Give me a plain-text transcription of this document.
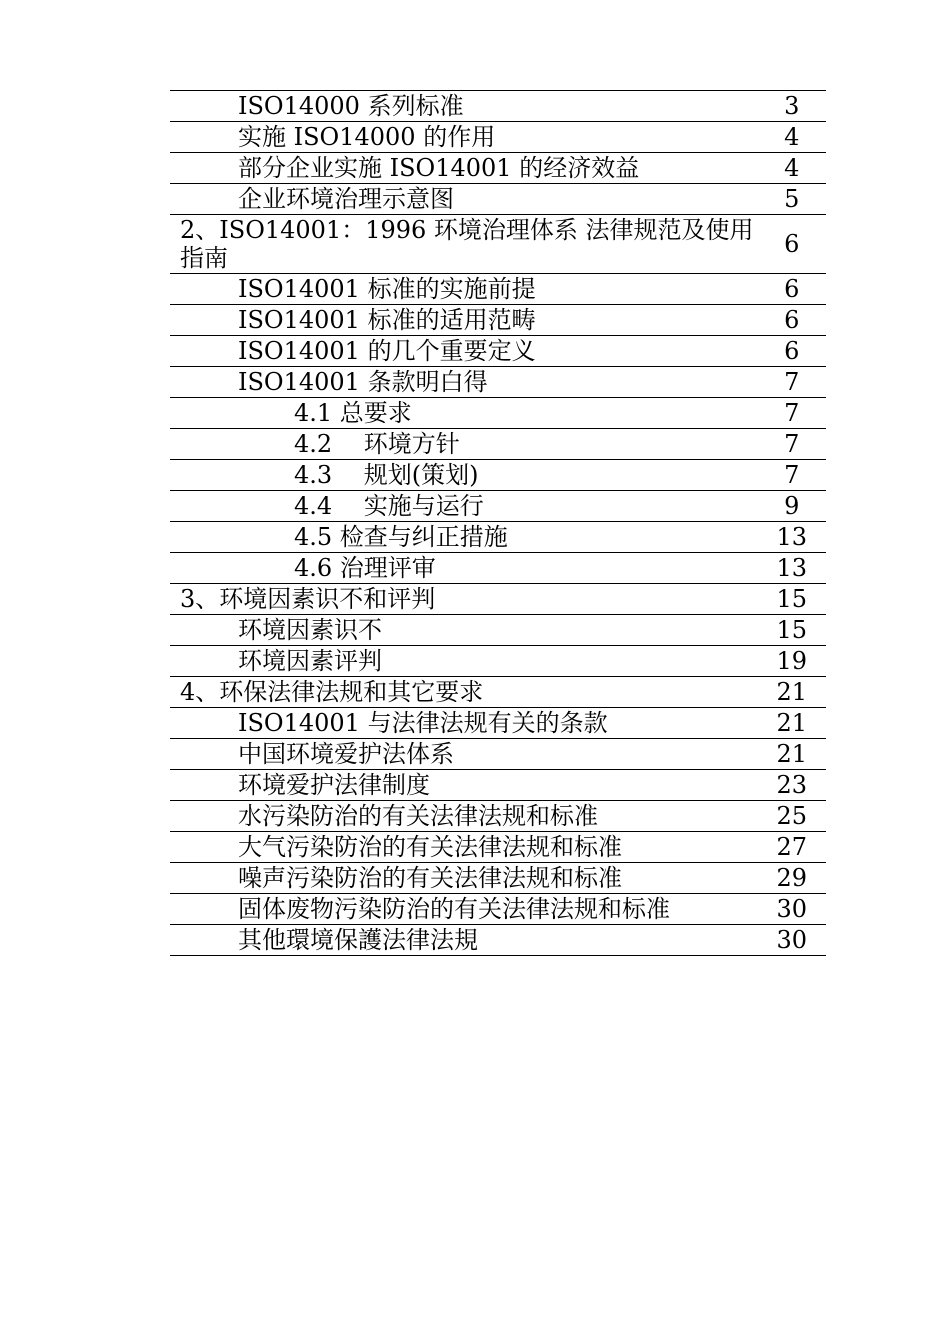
ISO14000 系列标准	3
实施 ISO14000 的作用	4
部分企业实施 ISO14001 的经济效益	4
企业环境治理示意图	5
2、ISO14001：1996 环境治理体系 法律规范及使用指南	6
ISO14001 标准的实施前提	6
ISO14001 标准的适用范畴	6
ISO14001 的几个重要定义	6
ISO14001 条款明白得	7
4.1 总要求	7
4.2　 环境方针	7
4.3　 规划(策划)	7
4.4　 实施与运行	9
4.5 检查与纠正措施	13
4.6 治理评审	13
3、环境因素识不和评判	15
环境因素识不	15
环境因素评判	19
4、环保法律法规和其它要求	21
ISO14001 与法律法规有关的条款	21
中国环境爱护法体系	21
环境爱护法律制度	23
水污染防治的有关法律法规和标准	25
大气污染防治的有关法律法规和标准	27
噪声污染防治的有关法律法规和标准	29
固体废物污染防治的有关法律法规和标准	30
其他環境保護法律法規	30
